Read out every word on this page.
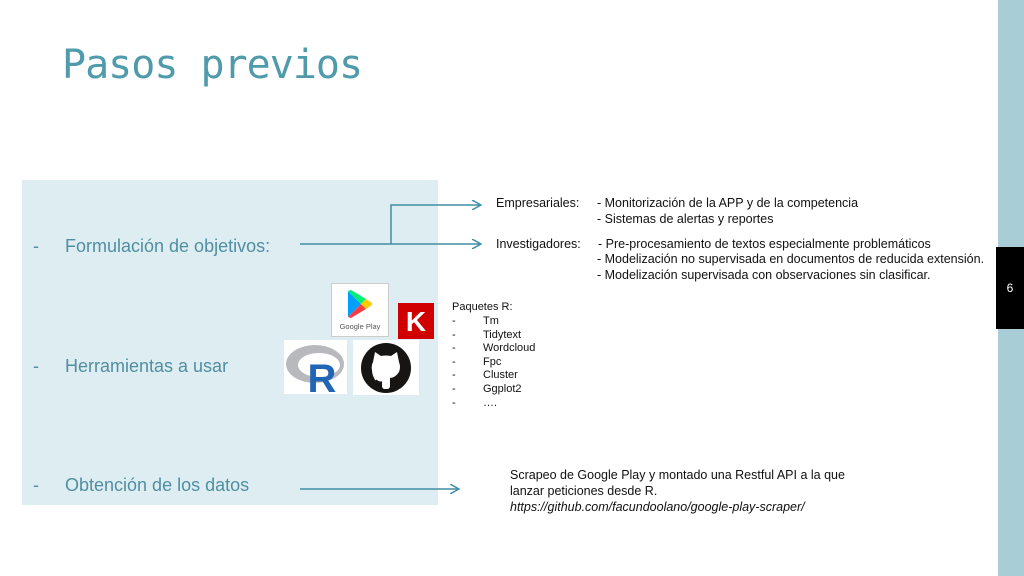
Pasos previos
6
- Formulación de objetivos:
- Herramientas a usar
- Obtención de los datos
Empresariales: - Monitorización de la APP y de la competencia
- Sistemas de alertas y reportes
Investigadores: - Pre-procesamiento de textos especialmente problemáticos
- Modelización no supervisada en documentos de reducida extensión.
- Modelización supervisada con observaciones sin clasificar.
Google Play K
R
Paquetes R:
-	Tm
-	Tidytext
-	Wordcloud
-	Fpc
-	Cluster
-	Ggplot2
-	….
Scrapeo de Google Play y montado una Restful API a la que
lanzar peticiones desde R.
https://github.com/facundoolano/google-play-scraper/
